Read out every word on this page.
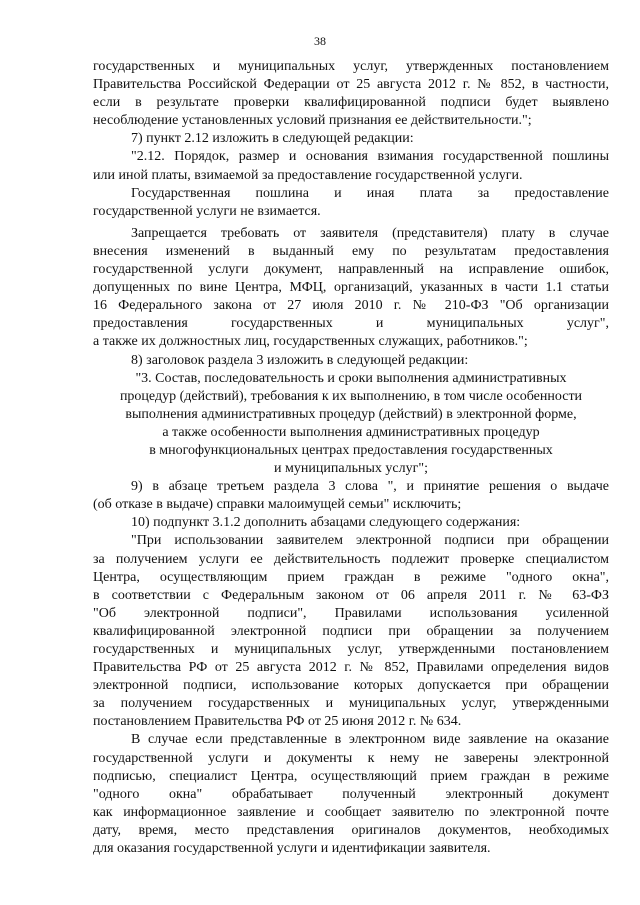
38
государственных и муниципальных услуг, утвержденных постановлением
Правительства Российской Федерации от 25 августа 2012 г. № 852, в частности,
если в результате проверки квалифицированной подписи будет выявлено
несоблюдение установленных условий признания ее действительности.";
7) пункт 2.12 изложить в следующей редакции:
"2.12. Порядок, размер и основания взимания государственной пошлины
или иной платы, взимаемой за предоставление государственной услуги.
Государственная пошлина и иная плата за предоставление
государственной услуги не взимается.
Запрещается требовать от заявителя (представителя) плату в случае
внесения изменений в выданный ему по результатам предоставления
государственной услуги документ, направленный на исправление ошибок,
допущенных по вине Центра, МФЦ, организаций, указанных в части 1.1 статьи
16 Федерального закона от 27 июля 2010 г. № 210-ФЗ "Об организации
предоставления государственных и муниципальных услуг",
а также их должностных лиц, государственных служащих, работников.";
8) заголовок раздела 3 изложить в следующей редакции:
"3. Состав, последовательность и сроки выполнения административных
процедур (действий), требования к их выполнению, в том числе особенности
выполнения административных процедур (действий) в электронной форме,
а также особенности выполнения административных процедур
в многофункциональных центрах предоставления государственных
и муниципальных услуг";
9) в абзаце третьем раздела 3 слова ", и принятие решения о выдаче
(об отказе в выдаче) справки малоимущей семьи" исключить;
10) подпункт 3.1.2 дополнить абзацами следующего содержания:
"При использовании заявителем электронной подписи при обращении
за получением услуги ее действительность подлежит проверке специалистом
Центра, осуществляющим прием граждан в режиме "одного окна",
в соответствии с Федеральным законом от 06 апреля 2011 г. № 63-ФЗ
"Об электронной подписи", Правилами использования усиленной
квалифицированной электронной подписи при обращении за получением
государственных и муниципальных услуг, утвержденными постановлением
Правительства РФ от 25 августа 2012 г. № 852, Правилами определения видов
электронной подписи, использование которых допускается при обращении
за получением государственных и муниципальных услуг, утвержденными
постановлением Правительства РФ от 25 июня 2012 г. № 634.
В случае если представленные в электронном виде заявление на оказание
государственной услуги и документы к нему не заверены электронной
подписью, специалист Центра, осуществляющий прием граждан в режиме
"одного окна" обрабатывает полученный электронный документ
как информационное заявление и сообщает заявителю по электронной почте
дату, время, место представления оригиналов документов, необходимых
для оказания государственной услуги и идентификации заявителя.
